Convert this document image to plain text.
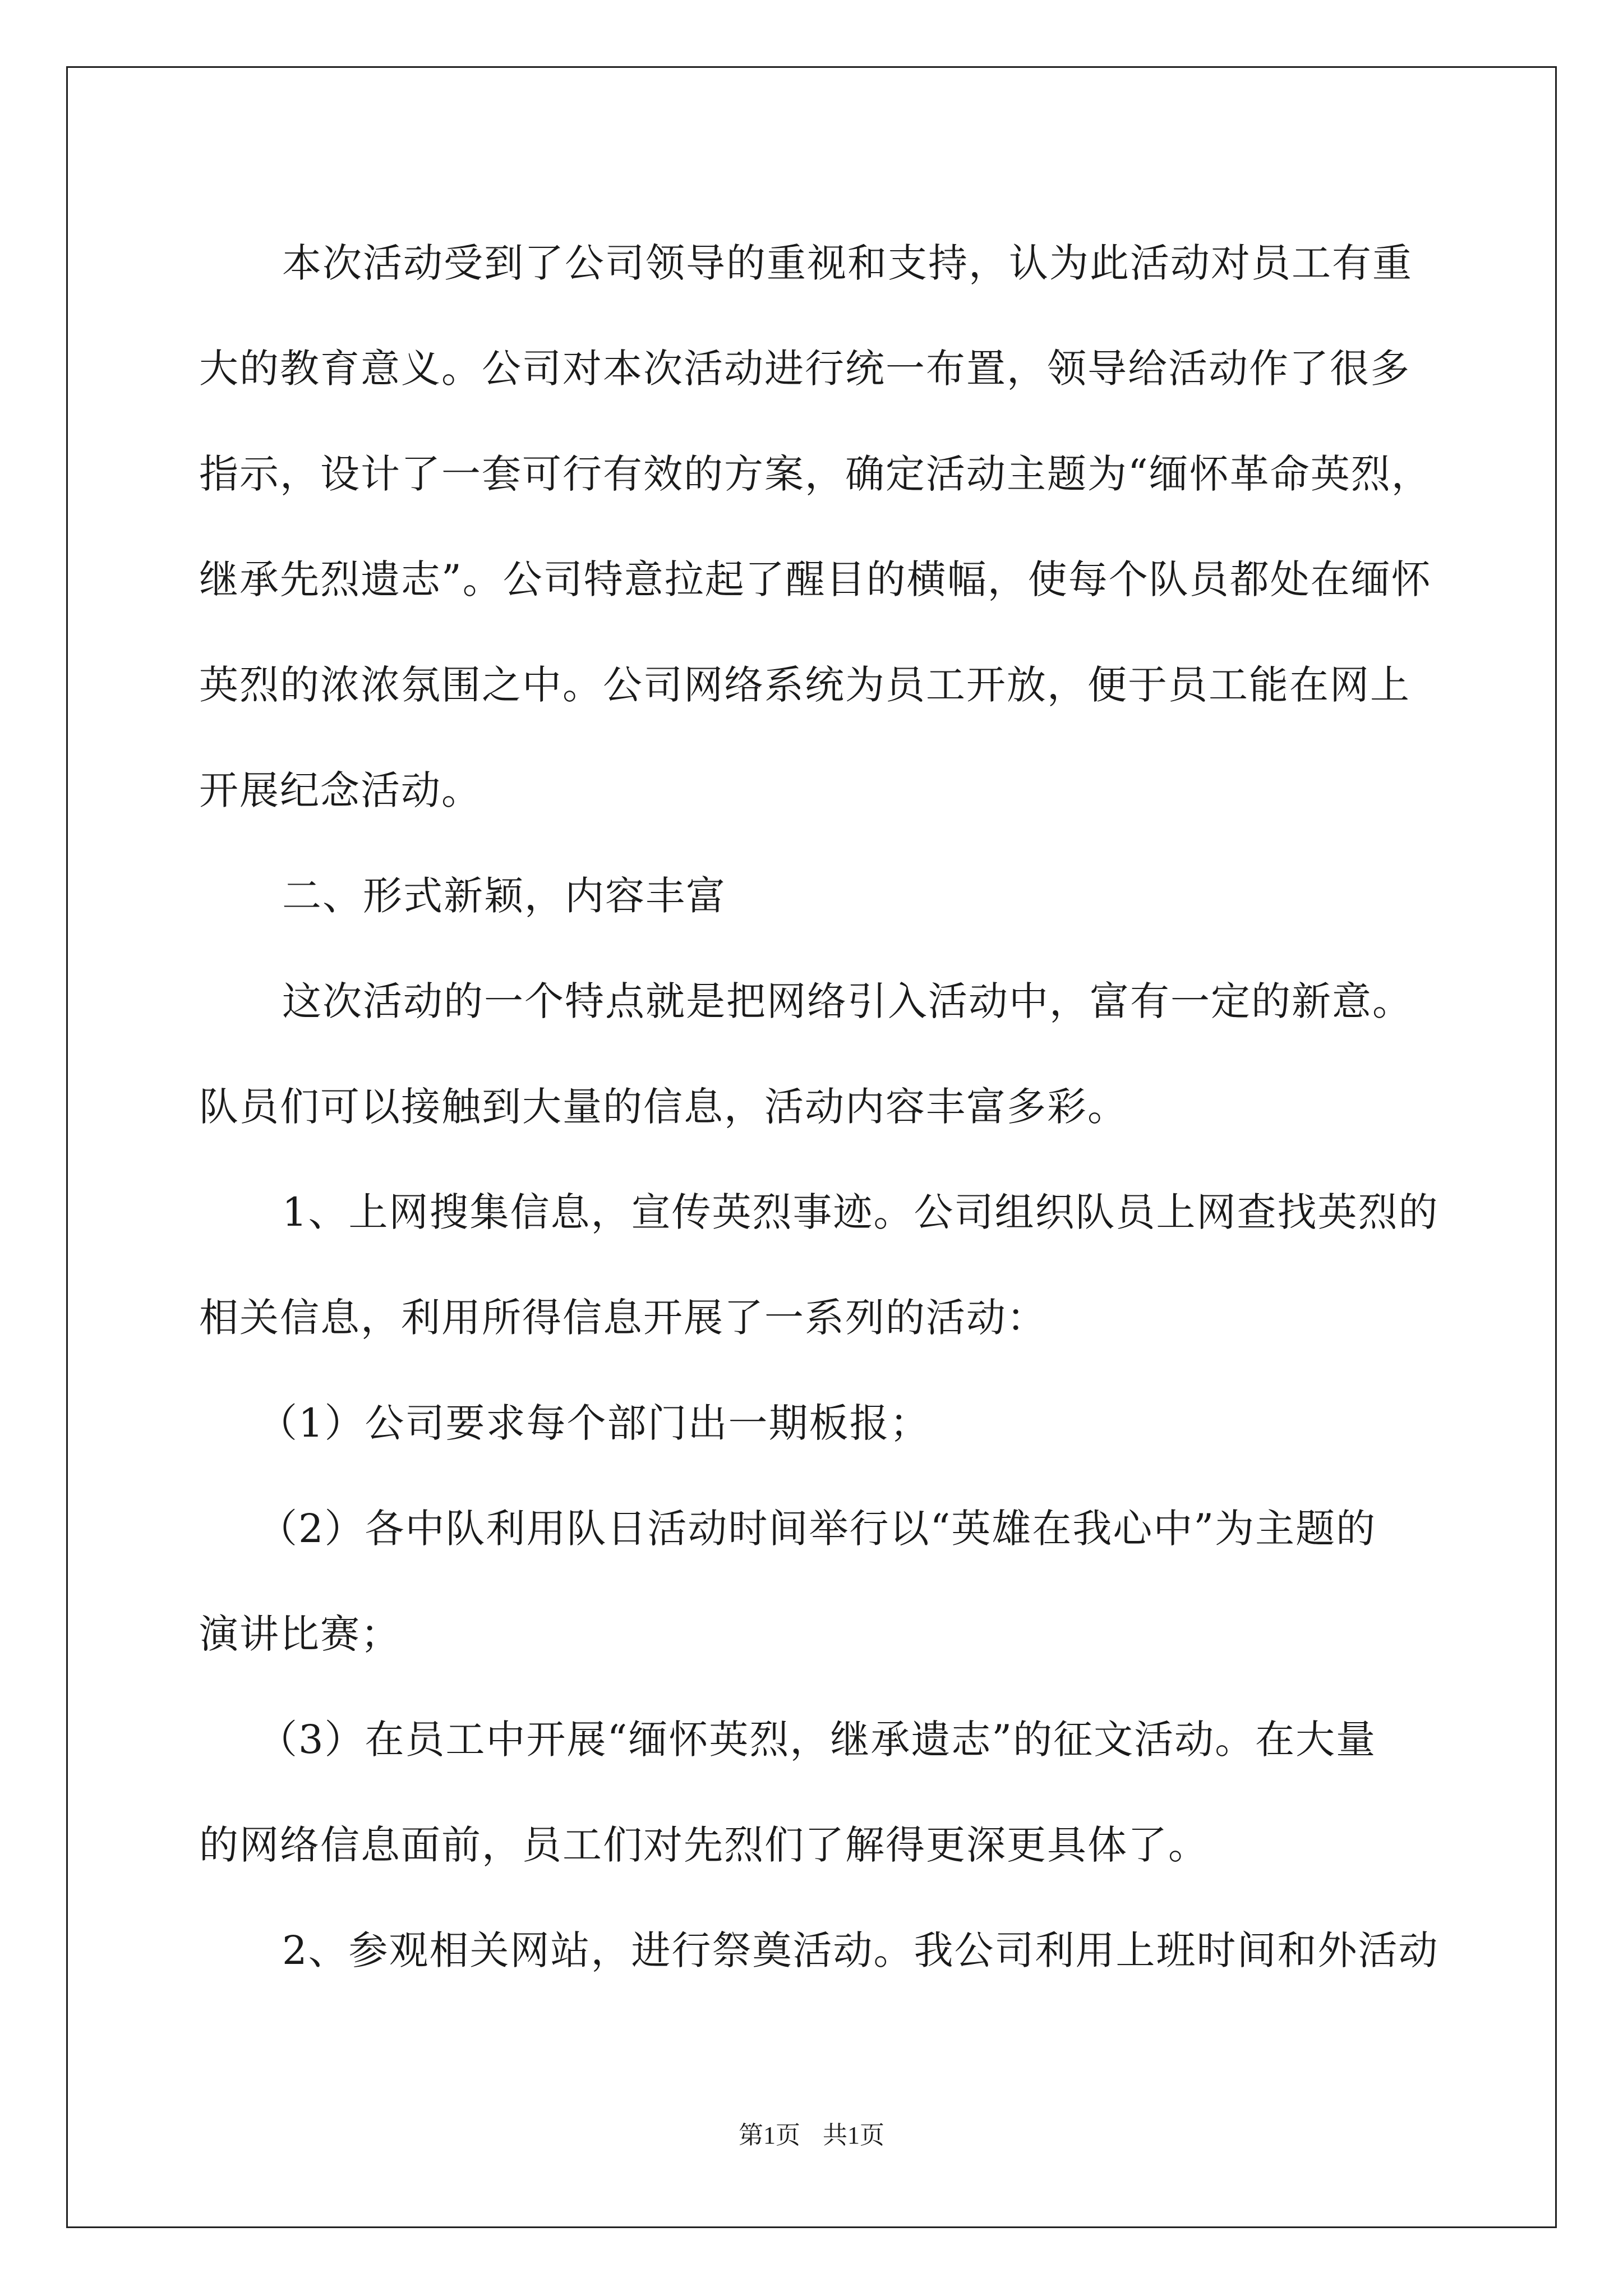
本次活动受到了公司领导的重视和支持，认为此活动对员工有重

大的教育意义。公司对本次活动进行统一布置，领导给活动作了很多

指示，设计了一套可行有效的方案，确定活动主题为“缅怀革命英烈，

继承先烈遗志”。公司特意拉起了醒目的横幅，使每个队员都处在缅怀

英烈的浓浓氛围之中。公司网络系统为员工开放，便于员工能在网上

开展纪念活动。

二、形式新颖，内容丰富

这次活动的一个特点就是把网络引入活动中，富有一定的新意。

队员们可以接触到大量的信息，活动内容丰富多彩。

1、上网搜集信息，宣传英烈事迹。公司组织队员上网查找英烈的

相关信息，利用所得信息开展了一系列的活动：

（1）公司要求每个部门出一期板报；

（2）各中队利用队日活动时间举行以“英雄在我心中”为主题的

演讲比赛；

（3）在员工中开展“缅怀英烈，继承遗志”的征文活动。在大量

的网络信息面前，员工们对先烈们了解得更深更具体了。

2、参观相关网站，进行祭奠活动。我公司利用上班时间和外活动

第1页 共1页
